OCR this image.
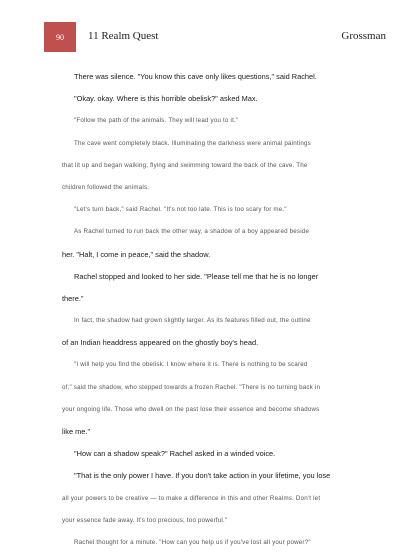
90 11 Realm Quest	Grossman
There was silence. "You know this cave only likes questions," said Rachel.
"Okay. okay. Where is this horrible obelisk?" asked Max.
"Follow the path of the animals. They will lead you to it."
The cave went completely black. Illuminating the darkness were animal paintings
that lit up and began walking, flying and swimming toward the back of the cave. The
children followed the animals.
"Let's turn back," said Rachel. "It's not too late. This is too scary for me."
As Rachel turned to run back the other way, a shadow of a boy appeared beside
her. "Halt, I come in peace," said the shadow.
Rachel stopped and looked to her side. "Please tell me that he is no longer
there."
In fact, the shadow had grown slightly larger. As its features filled out, the outline
of an Indian headdress appeared on the ghostly boy's head.
"I will help you find the obelisk. I know where it is. There is nothing to be scared
of," said the shadow, who stepped towards a frozen Rachel. "There is no turning back in
your ongoing life. Those who dwell on the past lose their essence and become shadows
like me."
"How can a shadow speak?" Rachel asked in a winded voice.
"That is the only power I have. If you don't take action in your lifetime, you lose
all your powers to be creative — to make a difference in this and other Realms. Don't let
your essence fade away. It's too precious; too powerful."
Rachel thought for a minute. "How can you help us if you've lost all your power?"
